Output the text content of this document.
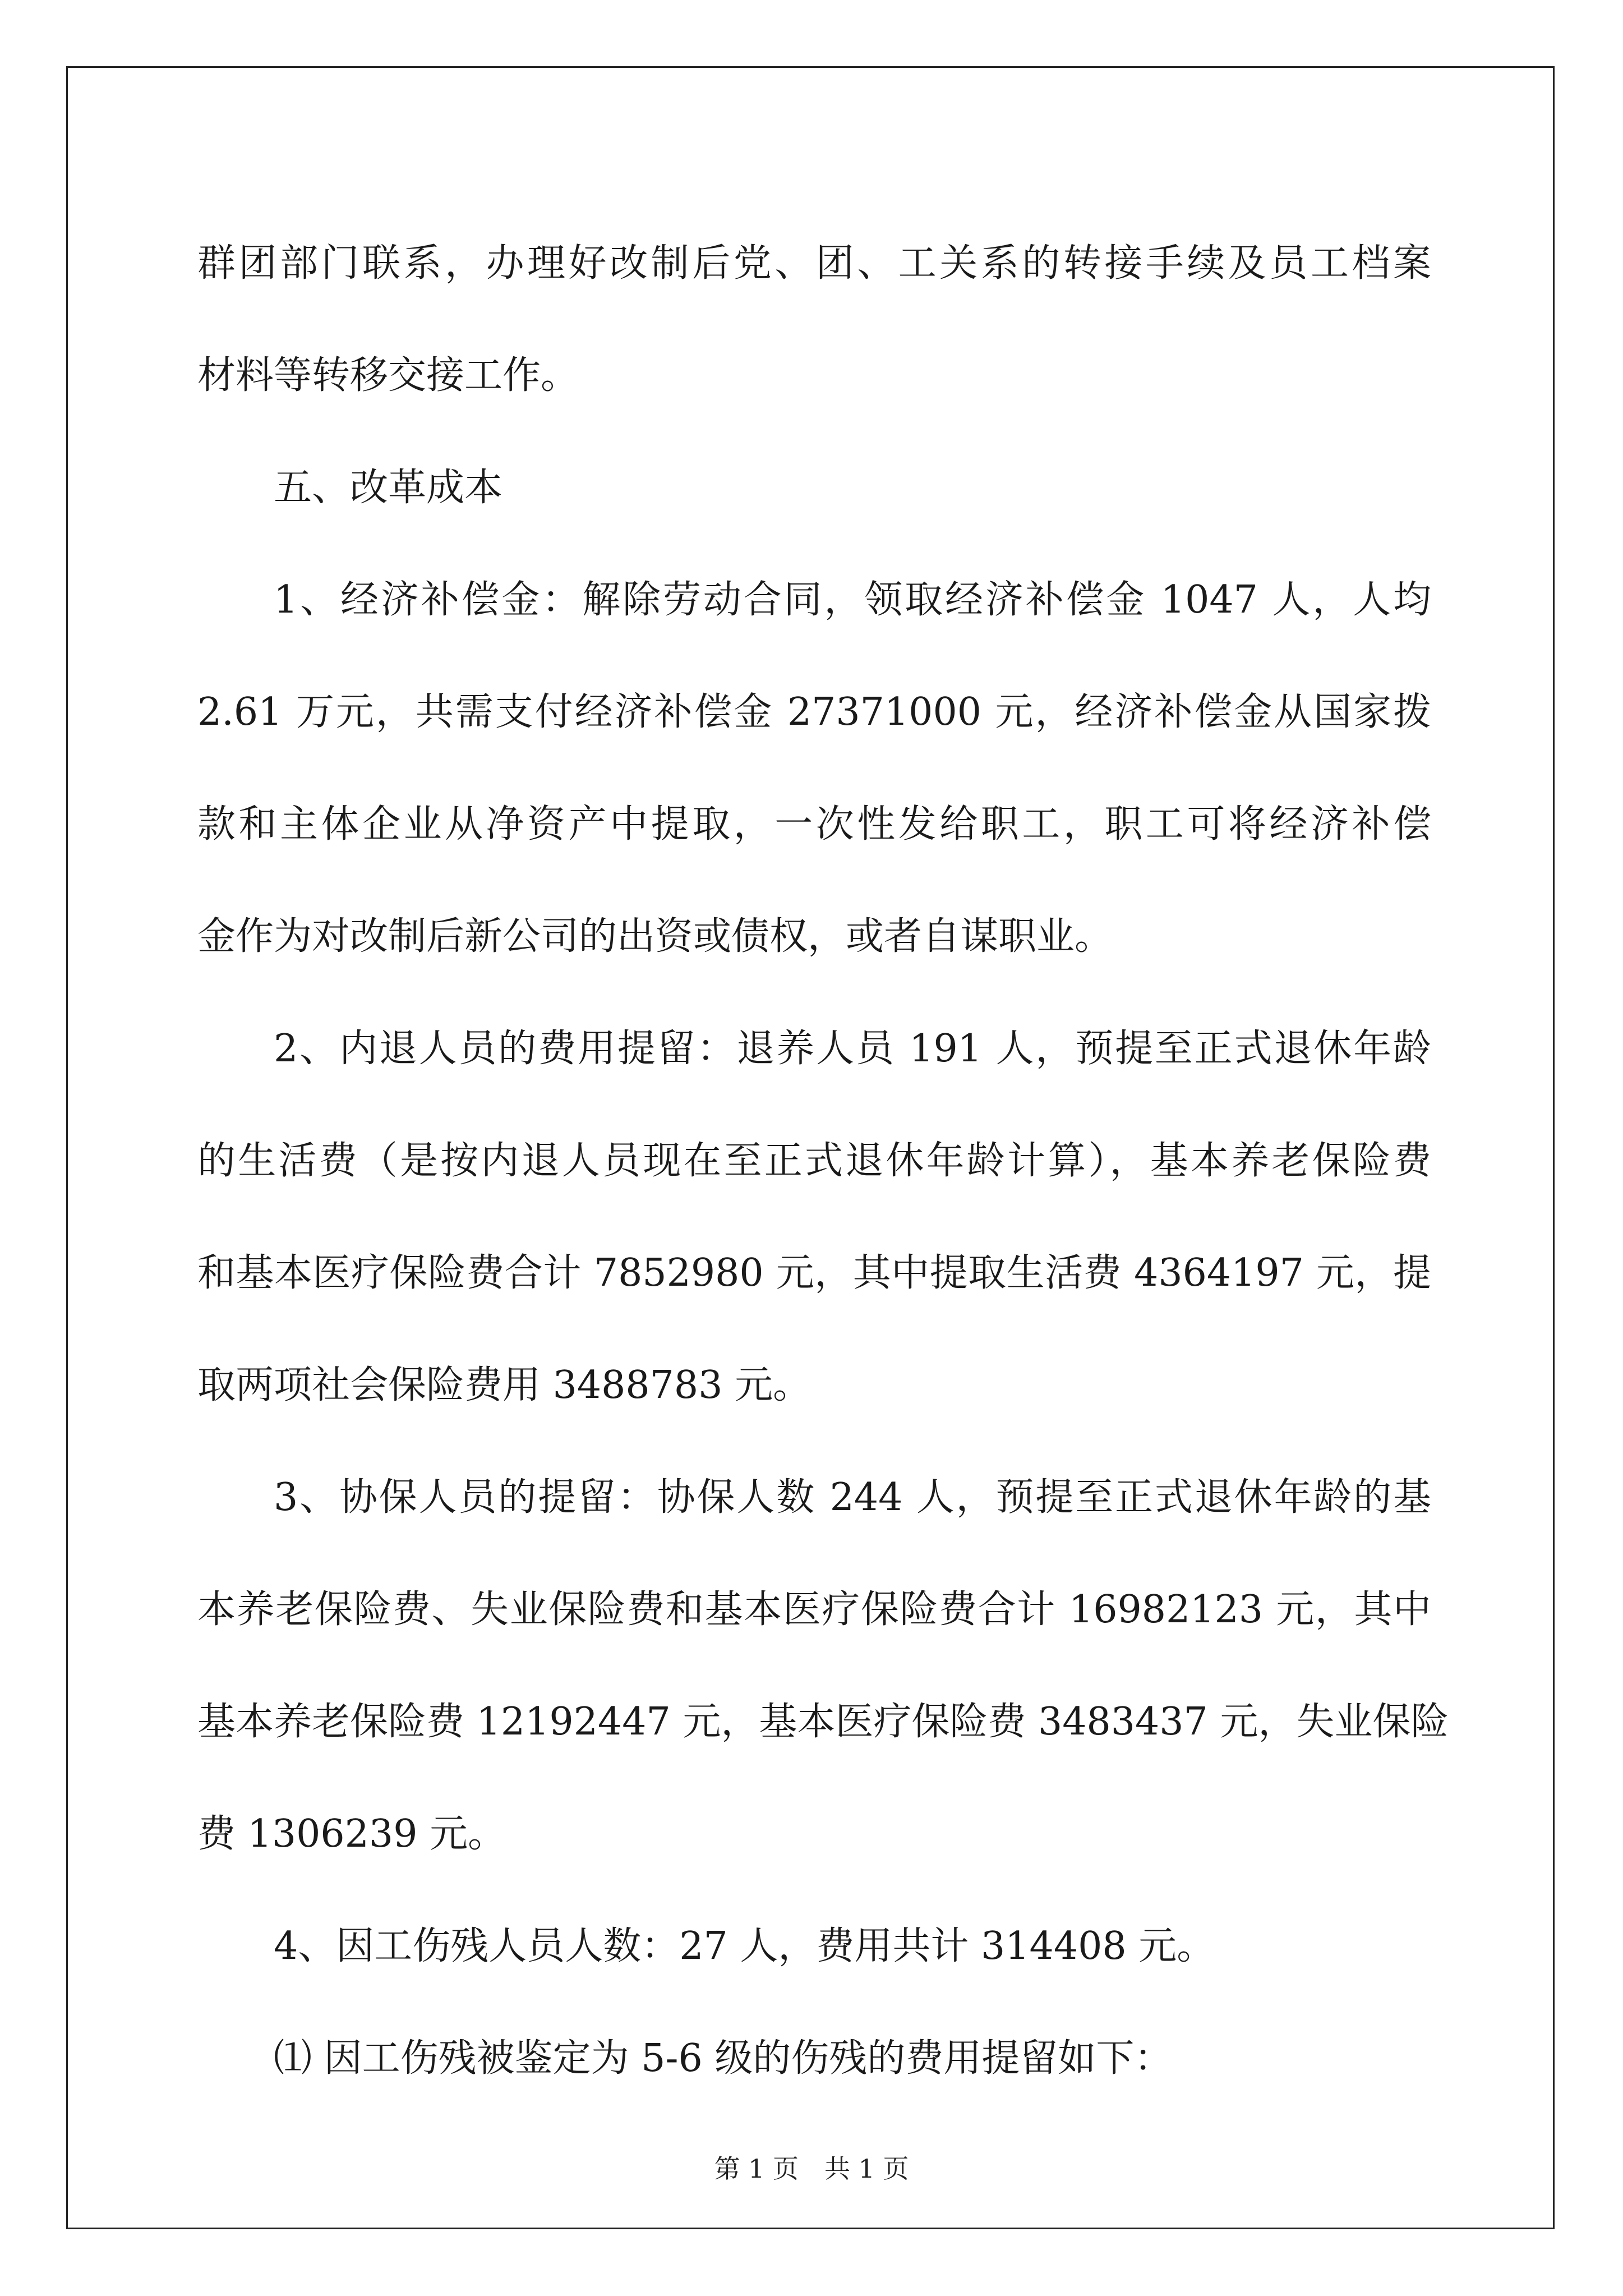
群团部门联系，办理好改制后党、团、工关系的转接手续及员工档案
材料等转移交接工作。
五、改革成本
1、经济补偿金：解除劳动合同，领取经济补偿金 1047 人，人均
2.61 万元，共需支付经济补偿金 27371000 元，经济补偿金从国家拨
款和主体企业从净资产中提取，一次性发给职工，职工可将经济补偿
金作为对改制后新公司的出资或债权，或者自谋职业。
2、内退人员的费用提留：退养人员 191 人，预提至正式退休年龄
的生活费（是按内退人员现在至正式退休年龄计算），基本养老保险费
和基本医疗保险费合计 7852980 元，其中提取生活费 4364197 元，提
取两项社会保险费用 3488783 元。
3、协保人员的提留：协保人数 244 人，预提至正式退休年龄的基
本养老保险费、失业保险费和基本医疗保险费合计 16982123 元，其中
基本养老保险费 12192447 元，基本医疗保险费 3483437 元，失业保险
费 1306239 元。
4、因工伤残人员人数：27 人，费用共计 314408 元。
⑴ 因工伤残被鉴定为 5-6 级的伤残的费用提留如下：
第 1 页　共 1 页
